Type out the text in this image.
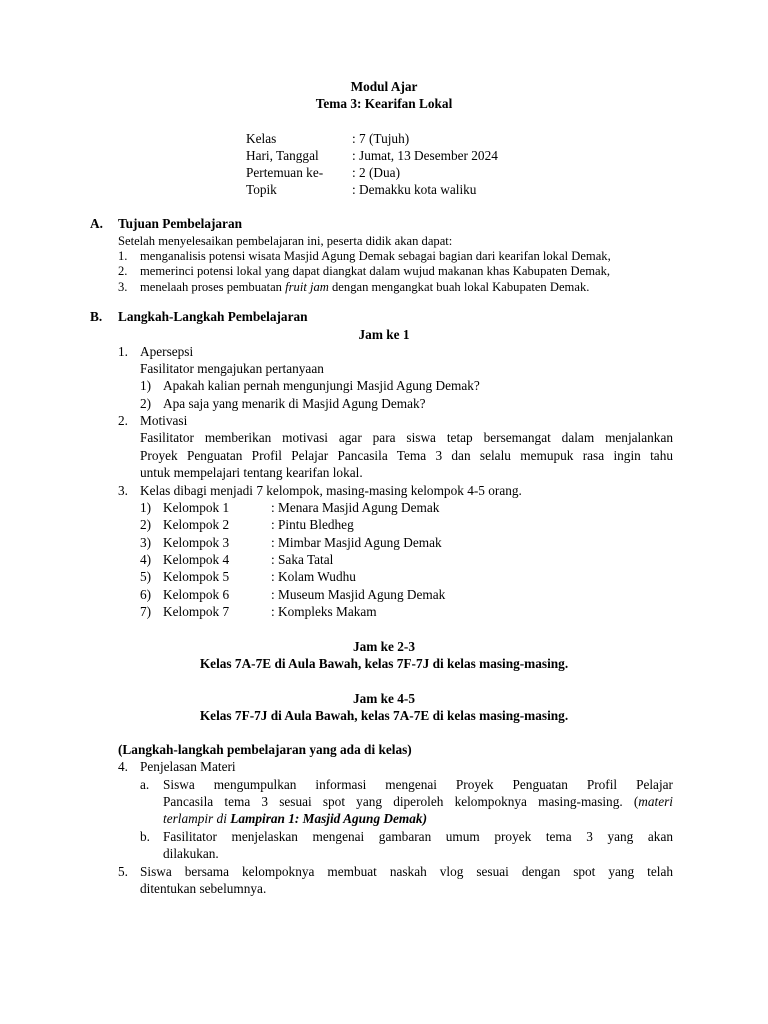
Modul Ajar
Tema 3: Kearifan Lokal
Kelas	: 7 (Tujuh)
Hari, Tanggal	: Jumat, 13 Desember 2024
Pertemuan ke- : 2 (Dua)
Topik	: Demakku kota waliku
A. Tujuan Pembelajaran
Setelah menyelesaikan pembelajaran ini, peserta didik akan dapat:
1. menganalisis potensi wisata Masjid Agung Demak sebagai bagian dari kearifan lokal Demak,
2. memerinci potensi lokal yang dapat diangkat dalam wujud makanan khas Kabupaten Demak,
3. menelaah proses pembuatan fruit jam dengan mengangkat buah lokal Kabupaten Demak.
B. Langkah-Langkah Pembelajaran
Jam ke 1
1. Apersepsi
Fasilitator mengajukan pertanyaan
1) Apakah kalian pernah mengunjungi Masjid Agung Demak?
2) Apa saja yang menarik di Masjid Agung Demak?
2. Motivasi
Fasilitator memberikan motivasi agar para siswa tetap bersemangat dalam menjalankan
Proyek Penguatan Profil Pelajar Pancasila Tema 3 dan selalu memupuk rasa ingin tahu
untuk mempelajari tentang kearifan lokal.
3. Kelas dibagi menjadi 7 kelompok, masing-masing kelompok 4-5 orang.
1) Kelompok 1	: Menara Masjid Agung Demak
2) Kelompok 2	: Pintu Bledheg
3) Kelompok 3	: Mimbar Masjid Agung Demak
4) Kelompok 4	: Saka Tatal
5) Kelompok 5	: Kolam Wudhu
6) Kelompok 6	: Museum Masjid Agung Demak
7) Kelompok 7	: Kompleks Makam
Jam ke 2-3
Kelas 7A-7E di Aula Bawah, kelas 7F-7J di kelas masing-masing.
Jam ke 4-5
Kelas 7F-7J di Aula Bawah, kelas 7A-7E di kelas masing-masing.
(Langkah-langkah pembelajaran yang ada di kelas)
4. Penjelasan Materi
a. Siswa mengumpulkan informasi mengenai Proyek Penguatan Profil Pelajar
Pancasila tema 3 sesuai spot yang diperoleh kelompoknya masing-masing. (materi
terlampir di Lampiran 1: Masjid Agung Demak)
b. Fasilitator menjelaskan mengenai gambaran umum proyek tema 3 yang akan
dilakukan.
5. Siswa bersama kelompoknya membuat naskah vlog sesuai dengan spot yang telah
ditentukan sebelumnya.
